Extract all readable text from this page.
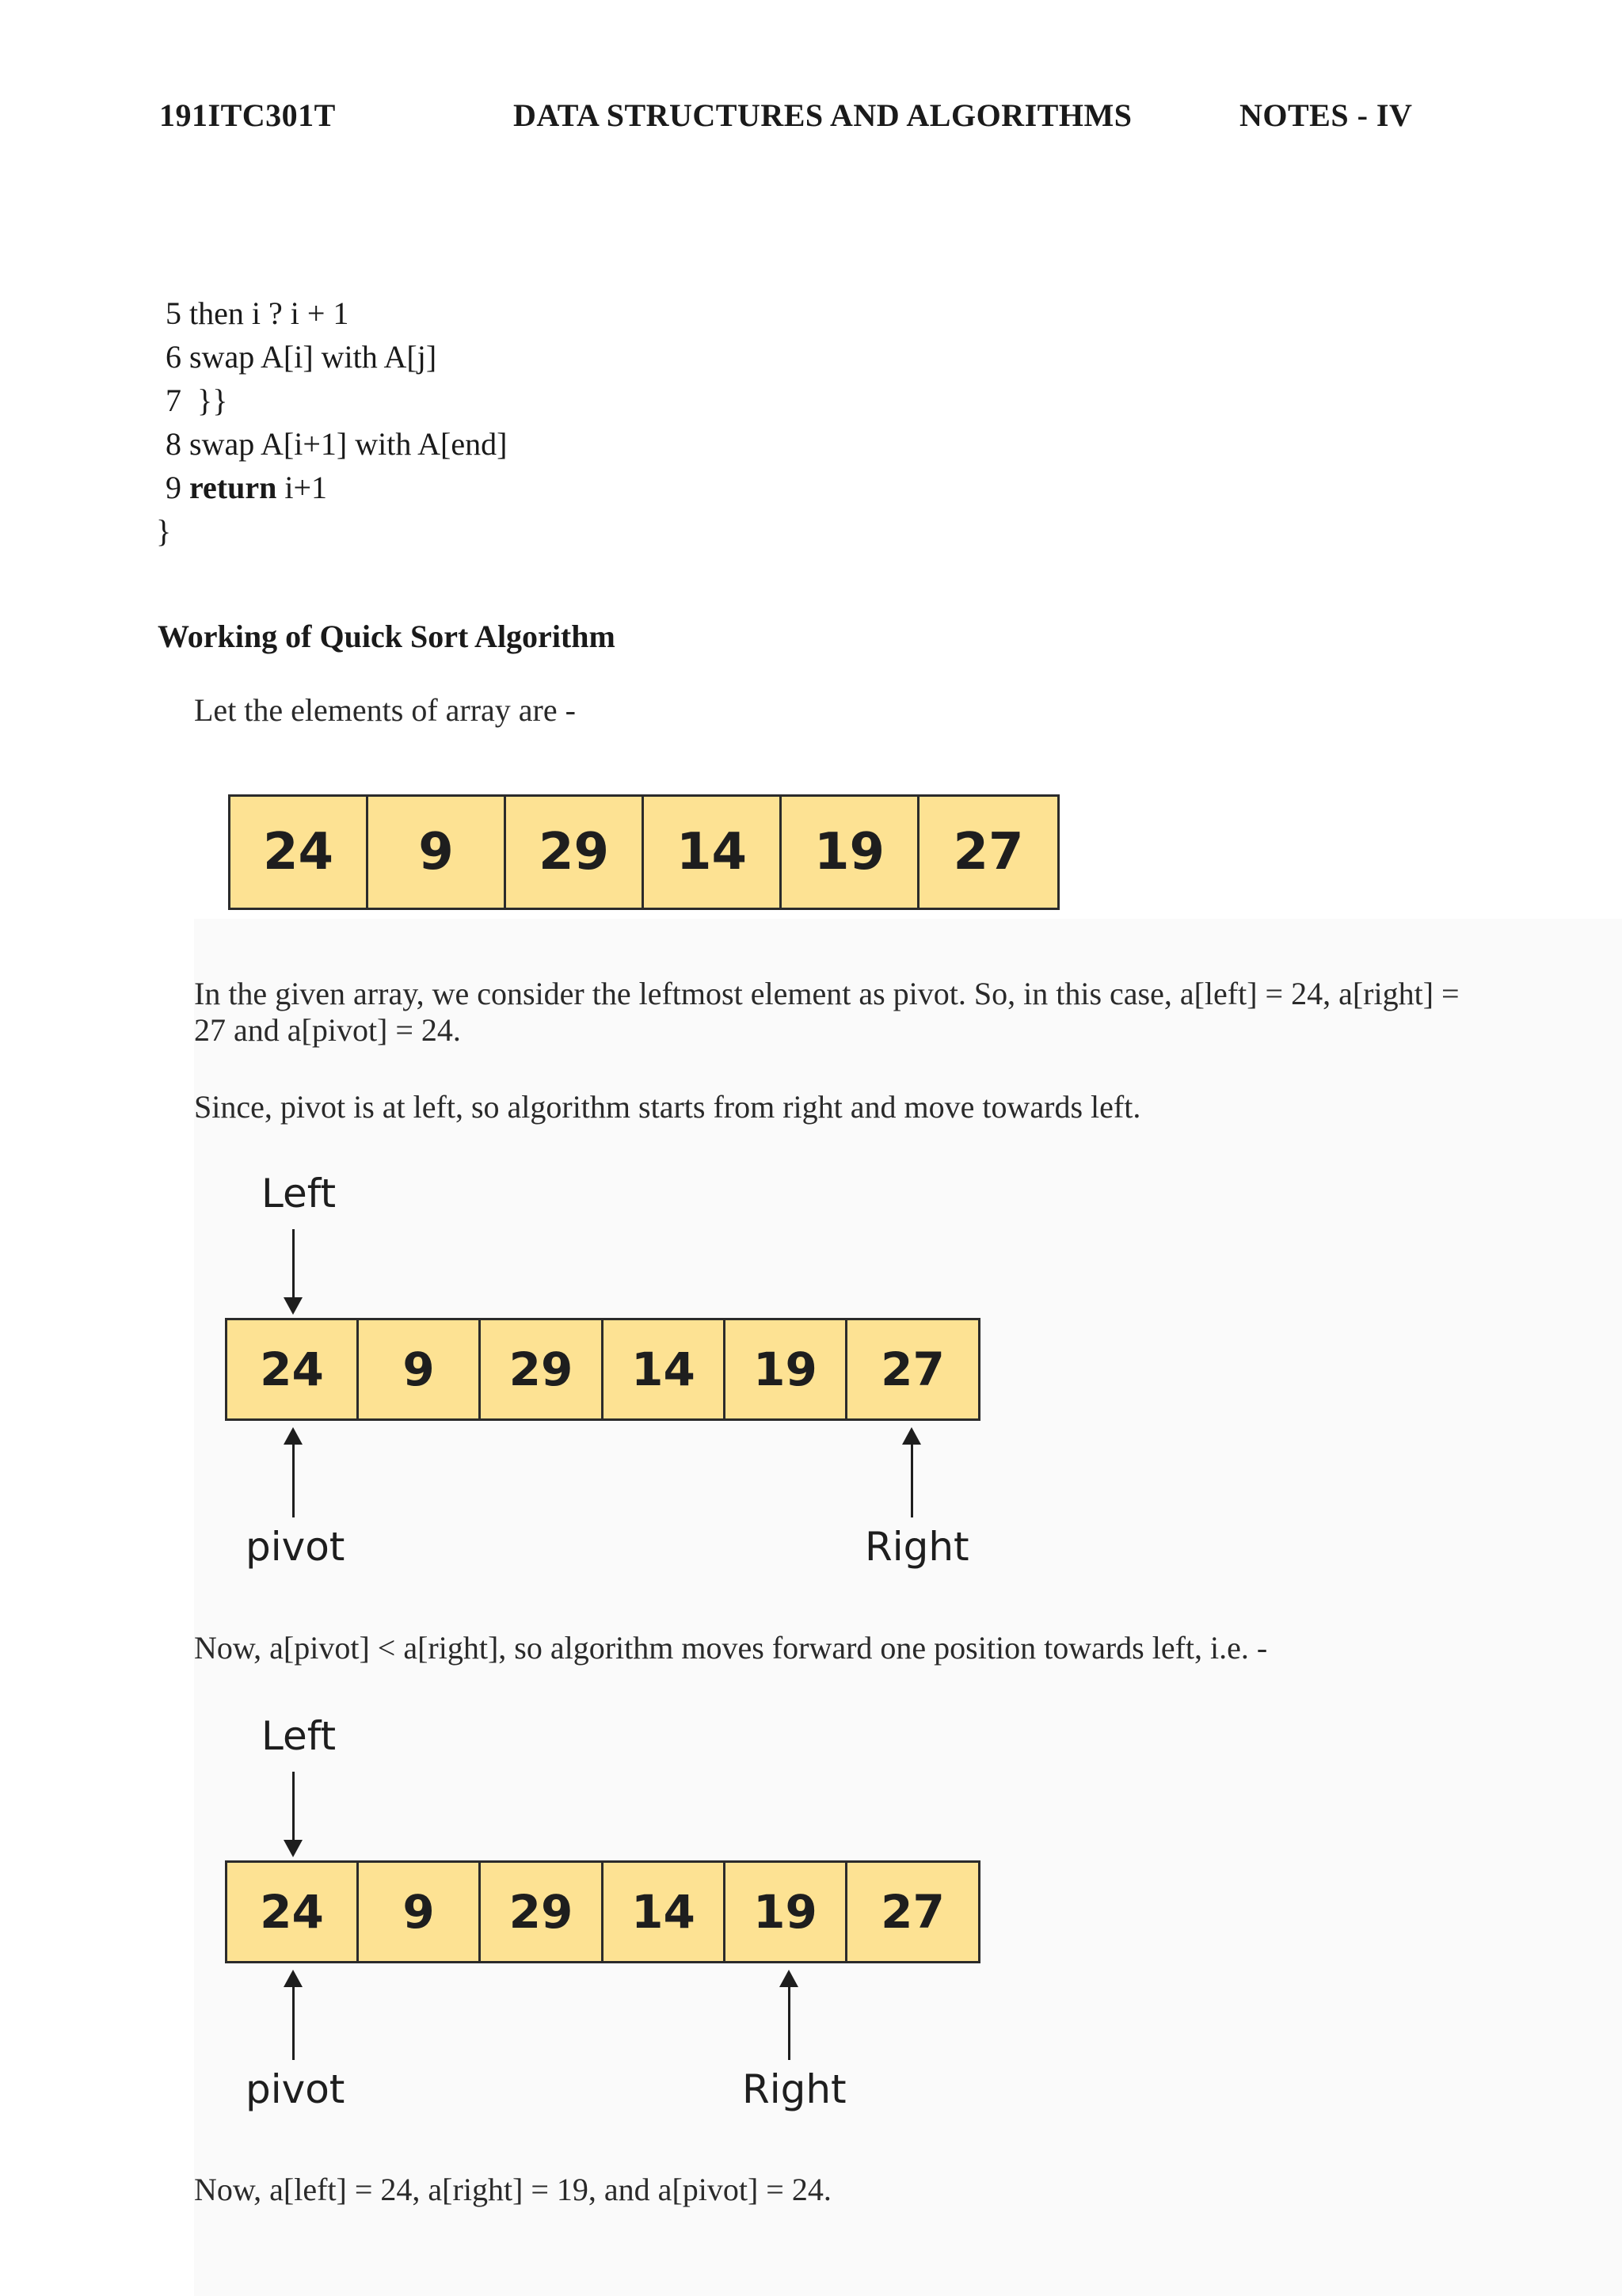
191ITC301T	DATA STRUCTURES AND ALGORITHMS	NOTES - IV
5 then i ? i + 1
6 swap A[i] with A[j]
7  }}
8 swap A[i+1] with A[end]
9 return i+1
}
Working of Quick Sort Algorithm
Let the elements of array are -
24	9	29	14	19	27
In the given array, we consider the leftmost element as pivot. So, in this case, a[left] = 24, a[right] = 27 and a[pivot] = 24.
Since, pivot is at left, so algorithm starts from right and move towards left.
Left
24	9	29	14	19	27
pivot	Right
Now, a[pivot] < a[right], so algorithm moves forward one position towards left, i.e. -
Left
24	9	29	14	19	27
pivot	Right
Now, a[left] = 24, a[right] = 19, and a[pivot] = 24.
